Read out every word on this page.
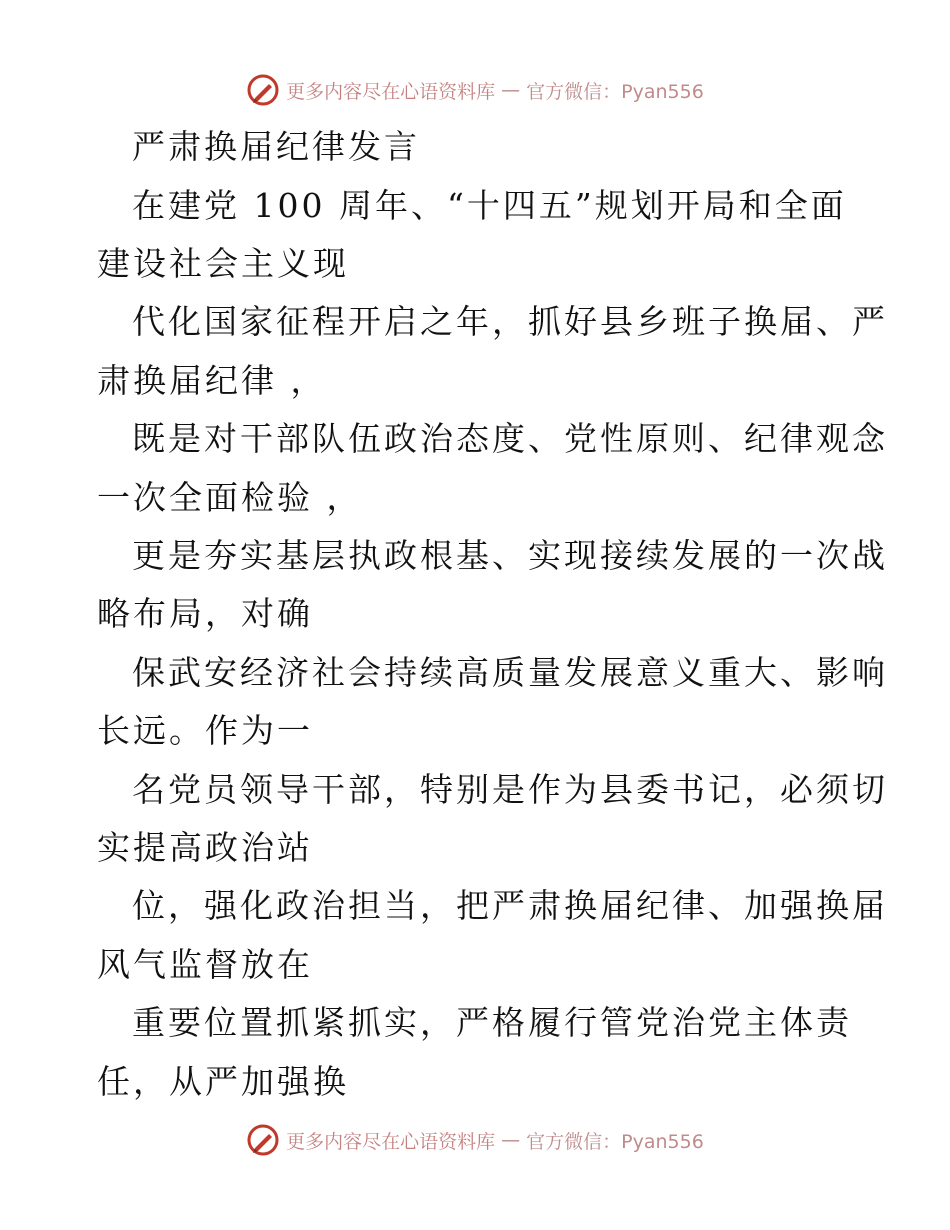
更多内容尽在心语资料库 — 官方微信：Pyan556
严肃换届纪律发言
在建党 100 周年、“十四五”规划开局和全面
建设社会主义现
代化国家征程开启之年，抓好县乡班子换届、严
肃换届纪律 ，
既是对干部队伍政治态度、党性原则、纪律观念
一次全面检验 ，
更是夯实基层执政根基、实现接续发展的一次战
略布局，对确
保武安经济社会持续高质量发展意义重大、影响
长远。作为一
名党员领导干部，特别是作为县委书记，必须切
实提高政治站
位，强化政治担当，把严肃换届纪律、加强换届
风气监督放在
重要位置抓紧抓实，严格履行管党治党主体责
任，从严加强换
更多内容尽在心语资料库 — 官方微信：Pyan556
